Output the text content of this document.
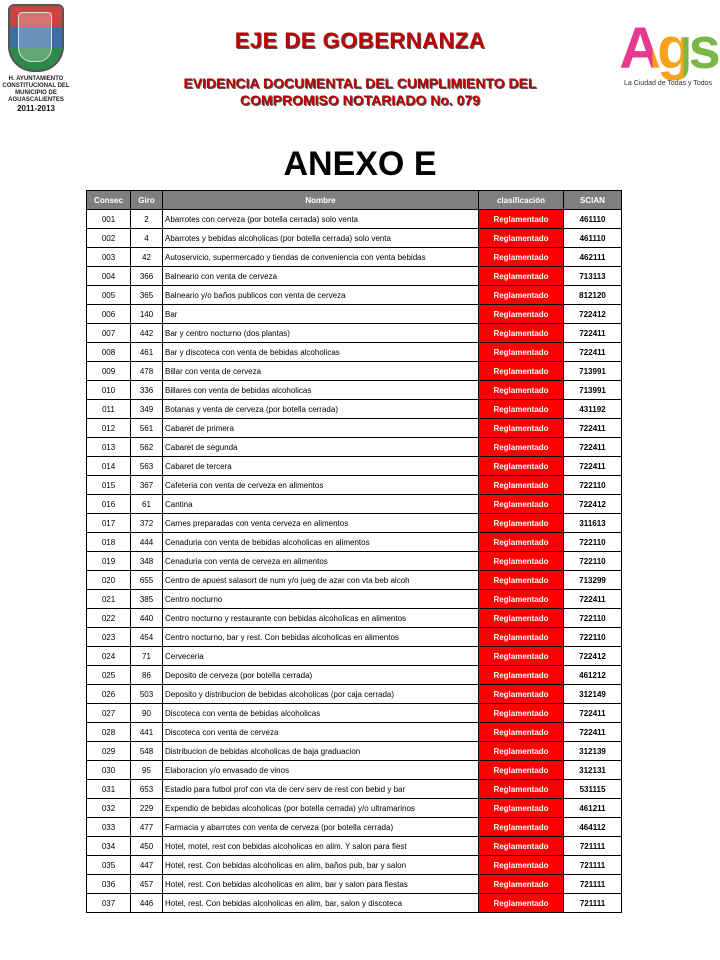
H. AYUNTAMIENTO CONSTITUCIONAL DEL MUNICIPIO DE AGUASCALIENTES
2011-2013
EJE DE GOBERNANZA
EVIDENCIA DOCUMENTAL DEL CUMPLIMIENTO DEL COMPROMISO NOTARIADO No. 079
Ags
La Ciudad de Todas y Todos
ANEXO E
Consec	Giro	Nombre	clasificación	SCIAN
001	2	Abarrotes con cerveza (por botella cerrada) solo venta	Reglamentado	461110
002	4	Abarrotes y bebidas alcoholicas (por botella cerrada) solo venta	Reglamentado	461110
003	42	Autoservicio, supermercado y tiendas de conveniencia con venta bebidas	Reglamentado	462111
004	366	Balneario con venta de cerveza	Reglamentado	713113
005	365	Balneario y/o baños publicos con venta de cerveza	Reglamentado	812120
006	140	Bar	Reglamentado	722412
007	442	Bar y centro nocturno (dos plantas)	Reglamentado	722411
008	461	Bar y discoteca con venta de bebidas alcoholicas	Reglamentado	722411
009	478	Billar con venta de cerveza	Reglamentado	713991
010	336	Billares con venta de bebidas alcoholicas	Reglamentado	713991
011	349	Botanas y venta de cerveza (por botella cerrada)	Reglamentado	431192
012	561	Cabaret de primera	Reglamentado	722411
013	562	Cabaret de segunda	Reglamentado	722411
014	563	Cabaret de tercera	Reglamentado	722411
015	367	Cafeteria con venta de cerveza en alimentos	Reglamentado	722110
016	61	Cantina	Reglamentado	722412
017	372	Carnes preparadas con venta cerveza en alimentos	Reglamentado	311613
018	444	Cenaduria con venta de bebidas alcoholicas en alimentos	Reglamentado	722110
019	348	Cenaduria con venta de cerveza en alimentos	Reglamentado	722110
020	655	Centro de apuest salasort de num y/o jueg de azar con vta beb alcoh	Reglamentado	713299
021	385	Centro nocturno	Reglamentado	722411
022	440	Centro nocturno y restaurante con bebidas alcoholicas en alimentos	Reglamentado	722110
023	454	Centro nocturno, bar y rest. Con bebidas alcoholicas en alimentos	Reglamentado	722110
024	71	Cerveceria	Reglamentado	722412
025	86	Deposito de cerveza (por botella cerrada)	Reglamentado	461212
026	503	Deposito y distribucion de bebidas alcoholicas (por caja cerrada)	Reglamentado	312149
027	90	Discoteca con venta de bebidas alcoholicas	Reglamentado	722411
028	441	Discoteca con venta de cerveza	Reglamentado	722411
029	548	Distribucion de bebidas alcoholicas de baja graduacion	Reglamentado	312139
030	95	Elaboracion y/o envasado de vinos	Reglamentado	312131
031	653	Estadio para futbol prof con vta de cerv serv de rest con bebid y bar	Reglamentado	531115
032	229	Expendio de bebidas alcoholicas (por botella cerrada) y/o ultramarinos	Reglamentado	461211
033	477	Farmacia y abarrotes con venta de cerveza (por botella cerrada)	Reglamentado	464112
034	450	Hotel, motel, rest con bebidas alcoholicas en alim. Y salon para fiest	Reglamentado	721111
035	447	Hotel, rest. Con bebidas alcoholicas en alim, baños pub, bar y salon	Reglamentado	721111
036	457	Hotel, rest. Con bebidas alcoholicas en alim, bar y salon para fiestas	Reglamentado	721111
037	446	Hotel, rest. Con bebidas alcoholicas en alim, bar, salon y discoteca	Reglamentado	721111
